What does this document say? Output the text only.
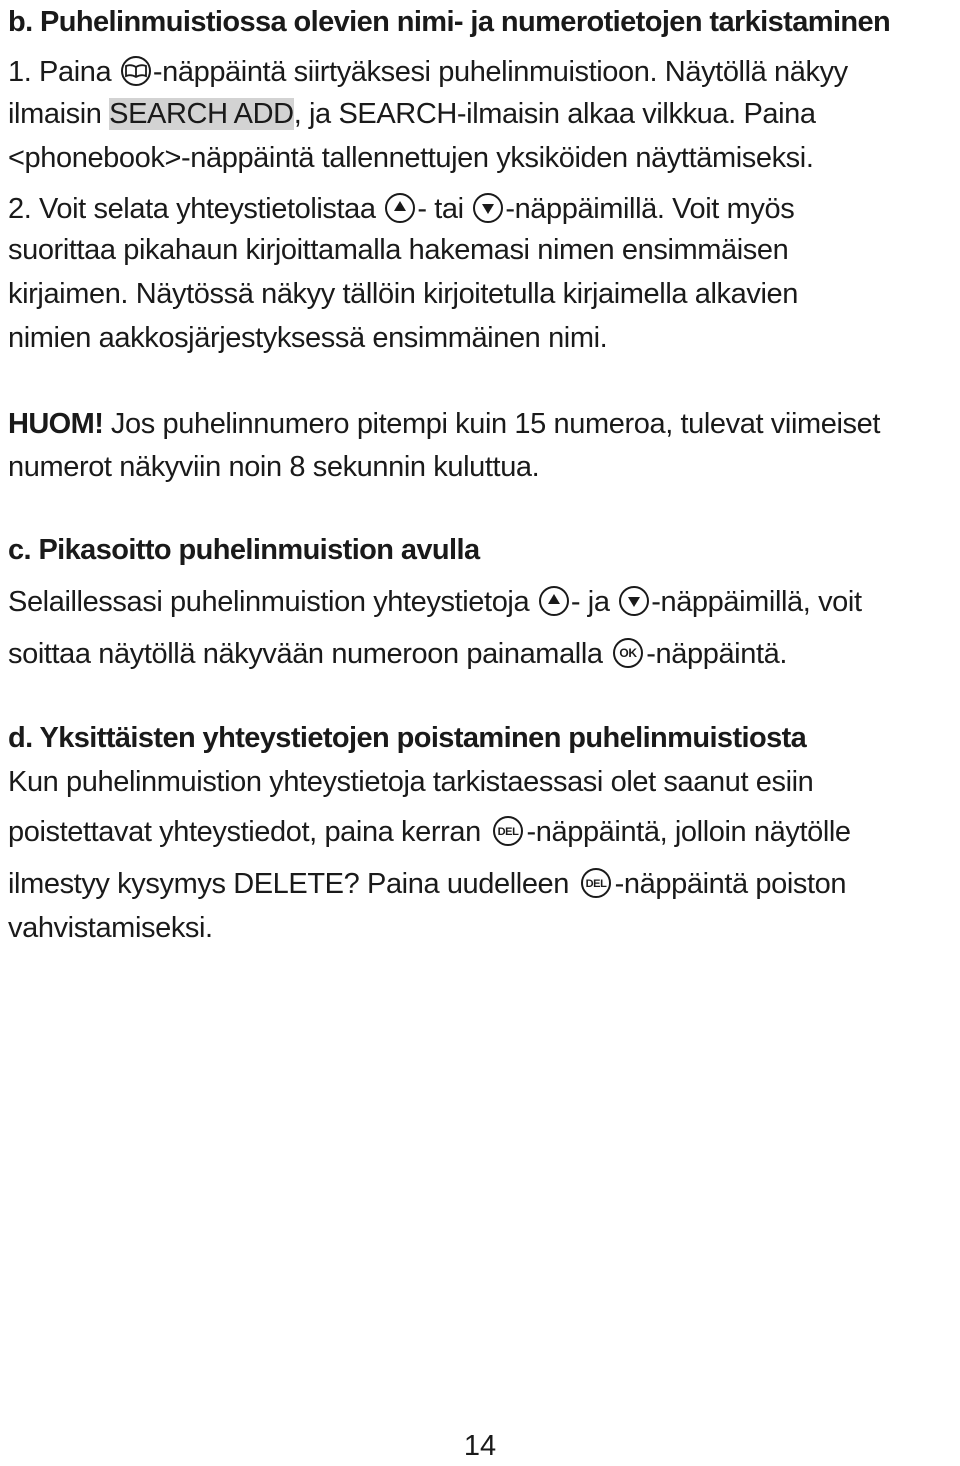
b. Puhelinmuistiossa olevien nimi- ja numerotietojen tarkistaminen
1. Paina
-näppäintä siirtyäksesi puhelinmuistioon. Näytöllä näkyy
ilmaisin SEARCH ADD, ja SEARCH-ilmaisin alkaa vilkkua. Paina
<phonebook>-näppäintä tallennettujen yksiköiden näyttämiseksi.
2. Voit selata yhteystietolistaa
- tai
-näppäimillä. Voit myös
suorittaa pikahaun kirjoittamalla hakemasi nimen ensimmäisen
kirjaimen. Näytössä näkyy tällöin kirjoitetulla kirjaimella alkavien
nimien aakkosjärjestyksessä ensimmäinen nimi.
HUOM! Jos puhelinnumero pitempi kuin 15 numeroa, tulevat viimeiset
numerot näkyviin noin 8 sekunnin kuluttua.
c. Pikasoitto puhelinmuistion avulla
Selaillessasi puhelinmuistion yhteystietoja
- ja
-näppäimillä, voit
soittaa näytöllä näkyvään numeroon painamalla OK -näppäintä.
d. Yksittäisten yhteystietojen poistaminen puhelinmuistiosta
Kun puhelinmuistion yhteystietoja tarkistaessasi olet saanut esiin
poistettavat yhteystiedot, paina kerran DEL -näppäintä, jolloin näytölle
ilmestyy kysymys DELETE? Paina uudelleen DEL -näppäintä poiston
vahvistamiseksi.
14
